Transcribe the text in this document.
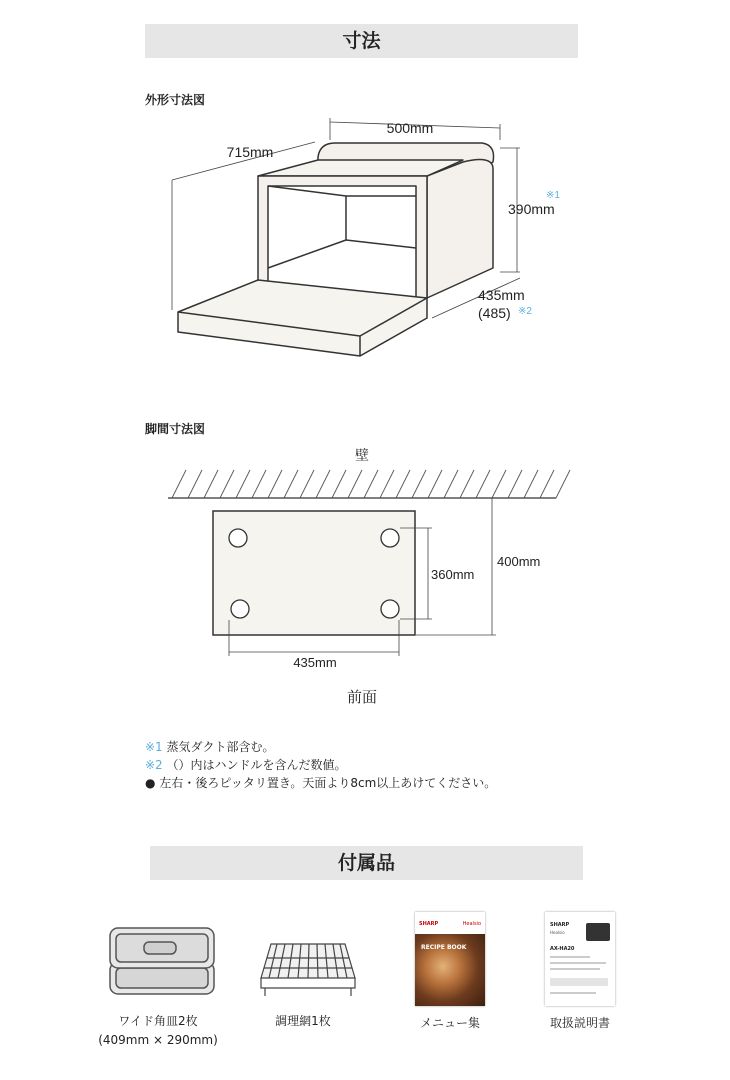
寸法
外形寸法図
500mm
715mm
※1
390mm
435mm
(485) ※2
脚間寸法図
壁
360mm
400mm
435mm
前面
※1 蒸気ダクト部含む。
※2 （）内はハンドルを含んだ数値。
● 左右・後ろピッタリ置き。天面より8cm以上あけてください。
付属品
ワイド角皿2枚
(409mm × 290mm)
調理網1枚
SHARP	Healsio
RECIPE BOOK
メニュー集
SHARP
Healsio
AX-HA20
取扱説明書
